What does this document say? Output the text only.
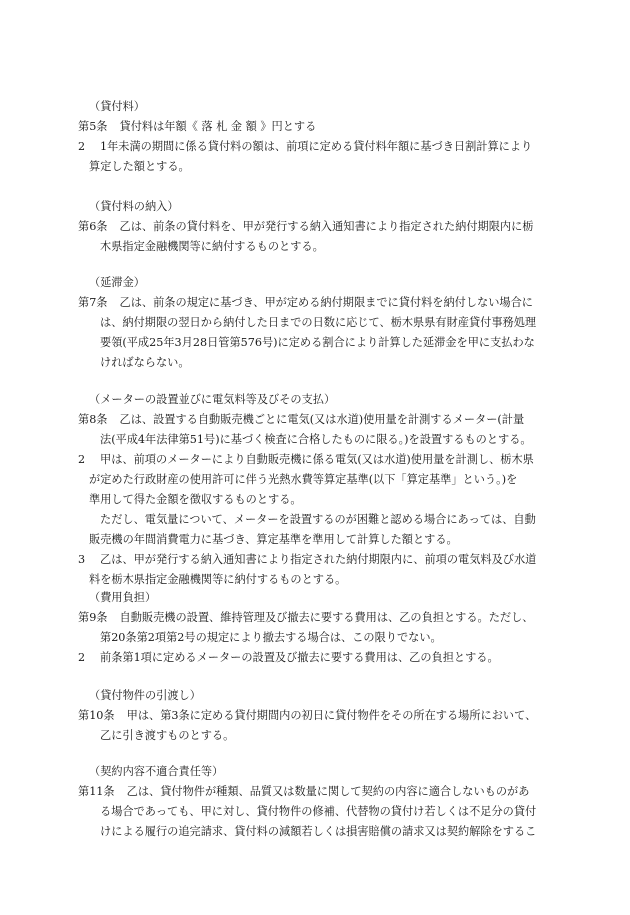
（貸付料）
第5条 貸付料は年額《 落 札 金 額 》円とする
2	1年未満の期間に係る貸付料の額は、前項に定める貸付料年額に基づき日割計算により
算定した額とする。
（貸付料の納入）
第6条 乙は、前条の貸付料を、甲が発行する納入通知書により指定された納付期限内に栃
木県指定金融機関等に納付するものとする。
（延滞金）
第7条 乙は、前条の規定に基づき、甲が定める納付期限までに貸付料を納付しない場合に
は、納付期限の翌日から納付した日までの日数に応じて、栃木県県有財産貸付事務処理
要領(平成25年3月28日管第576号)に定める割合により計算した延滞金を甲に支払わな
ければならない。
（メーターの設置並びに電気料等及びその支払）
第8条 乙は、設置する自動販売機ごとに電気(又は水道)使用量を計測するメーター(計量
法(平成4年法律第51号)に基づく検査に合格したものに限る。)を設置するものとする。
2	甲は、前項のメーターにより自動販売機に係る電気(又は水道)使用量を計測し、栃木県
が定めた行政財産の使用許可に伴う光熱水費等算定基準(以下「算定基準」という。)を
準用して得た金額を徴収するものとする。
ただし、電気量について、メーターを設置するのが困難と認める場合にあっては、自動
販売機の年間消費電力に基づき、算定基準を準用して計算した額とする。
3	乙は、甲が発行する納入通知書により指定された納付期限内に、前項の電気料及び水道
料を栃木県指定金融機関等に納付するものとする。
（費用負担）
第9条 自動販売機の設置、維持管理及び撤去に要する費用は、乙の負担とする。ただし、
第20条第2項第2号の規定により撤去する場合は、この限りでない。
2	前条第1項に定めるメーターの設置及び撤去に要する費用は、乙の負担とする。
（貸付物件の引渡し）
第10条 甲は、第3条に定める貸付期間内の初日に貸付物件をその所在する場所において、
乙に引き渡すものとする。
（契約内容不適合責任等）
第11条 乙は、貸付物件が種類、品質又は数量に関して契約の内容に適合しないものがあ
る場合であっても、甲に対し、貸付物件の修補、代替物の貸付け若しくは不足分の貸付
けによる履行の追完請求、貸付料の減額若しくは損害賠償の請求又は契約解除をするこ
